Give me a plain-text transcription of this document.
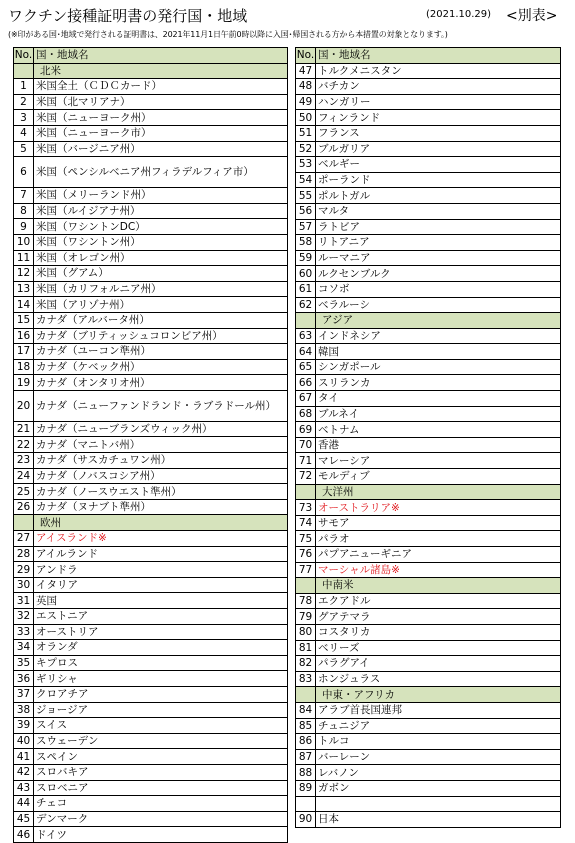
ワクチン接種証明書の発行国・地域	(2021.10.29) <別表>
(※印がある国･地域で発行される証明書は、2021年11月1日午前0時以降に入国･帰国される方から本措置の対象となります。)
No.	国・地域名
	北米
1	米国全土（ＣＤＣカード）
2	米国（北マリアナ）
3	米国（ニューヨーク州）
4	米国（ニューヨーク市）
5	米国（バージニア州）
6	米国（ペンシルベニア州フィラデルフィア市）
7	米国（メリーランド州）
8	米国（ルイジアナ州）
9	米国（ワシントンDC）
10	米国（ワシントン州）
11	米国（オレゴン州）
12	米国（グアム）
13	米国（カリフォルニア州）
14	米国（アリゾナ州）
15	カナダ（アルバータ州）
16	カナダ（ブリティッシュコロンビア州）
17	カナダ（ユーコン準州）
18	カナダ（ケベック州）
19	カナダ（オンタリオ州）
20	カナダ（ニューファンドランド・ラブラドール州）
21	カナダ（ニューブランズウィック州）
22	カナダ（マニトバ州）
23	カナダ（サスカチュワン州）
24	カナダ（ノバスコシア州）
25	カナダ（ノースウエスト準州）
26	カナダ（ヌナブト準州）
	欧州
27	アイスランド※
28	アイルランド
29	アンドラ
30	イタリア
31	英国
32	エストニア
33	オーストリア
34	オランダ
35	キプロス
36	ギリシャ
37	クロアチア
38	ジョージア
39	スイス
40	スウェーデン
41	スペイン
42	スロバキア
43	スロベニア
44	チェコ
45	デンマーク
46	ドイツ
No.	国・地域名
47	トルクメニスタン
48	バチカン
49	ハンガリー
50	フィンランド
51	フランス
52	ブルガリア
53	ベルギー
54	ポーランド
55	ポルトガル
56	マルタ
57	ラトビア
58	リトアニア
59	ルーマニア
60	ルクセンブルク
61	コソボ
62	ベラルーシ
	アジア
63	インドネシア
64	韓国
65	シンガポール
66	スリランカ
67	タイ
68	ブルネイ
69	ベトナム
70	香港
71	マレーシア
72	モルディブ
	大洋州
73	オーストラリア※
74	サモア
75	パラオ
76	パプアニューギニア
77	マーシャル諸島※
	中南米
78	エクアドル
79	グアテマラ
80	コスタリカ
81	ベリーズ
82	パラグアイ
83	ホンジュラス
	中東・アフリカ
84	アラブ首長国連邦
85	チュニジア
86	トルコ
87	バーレーン
88	レバノン
89	ガボン

90	日本
